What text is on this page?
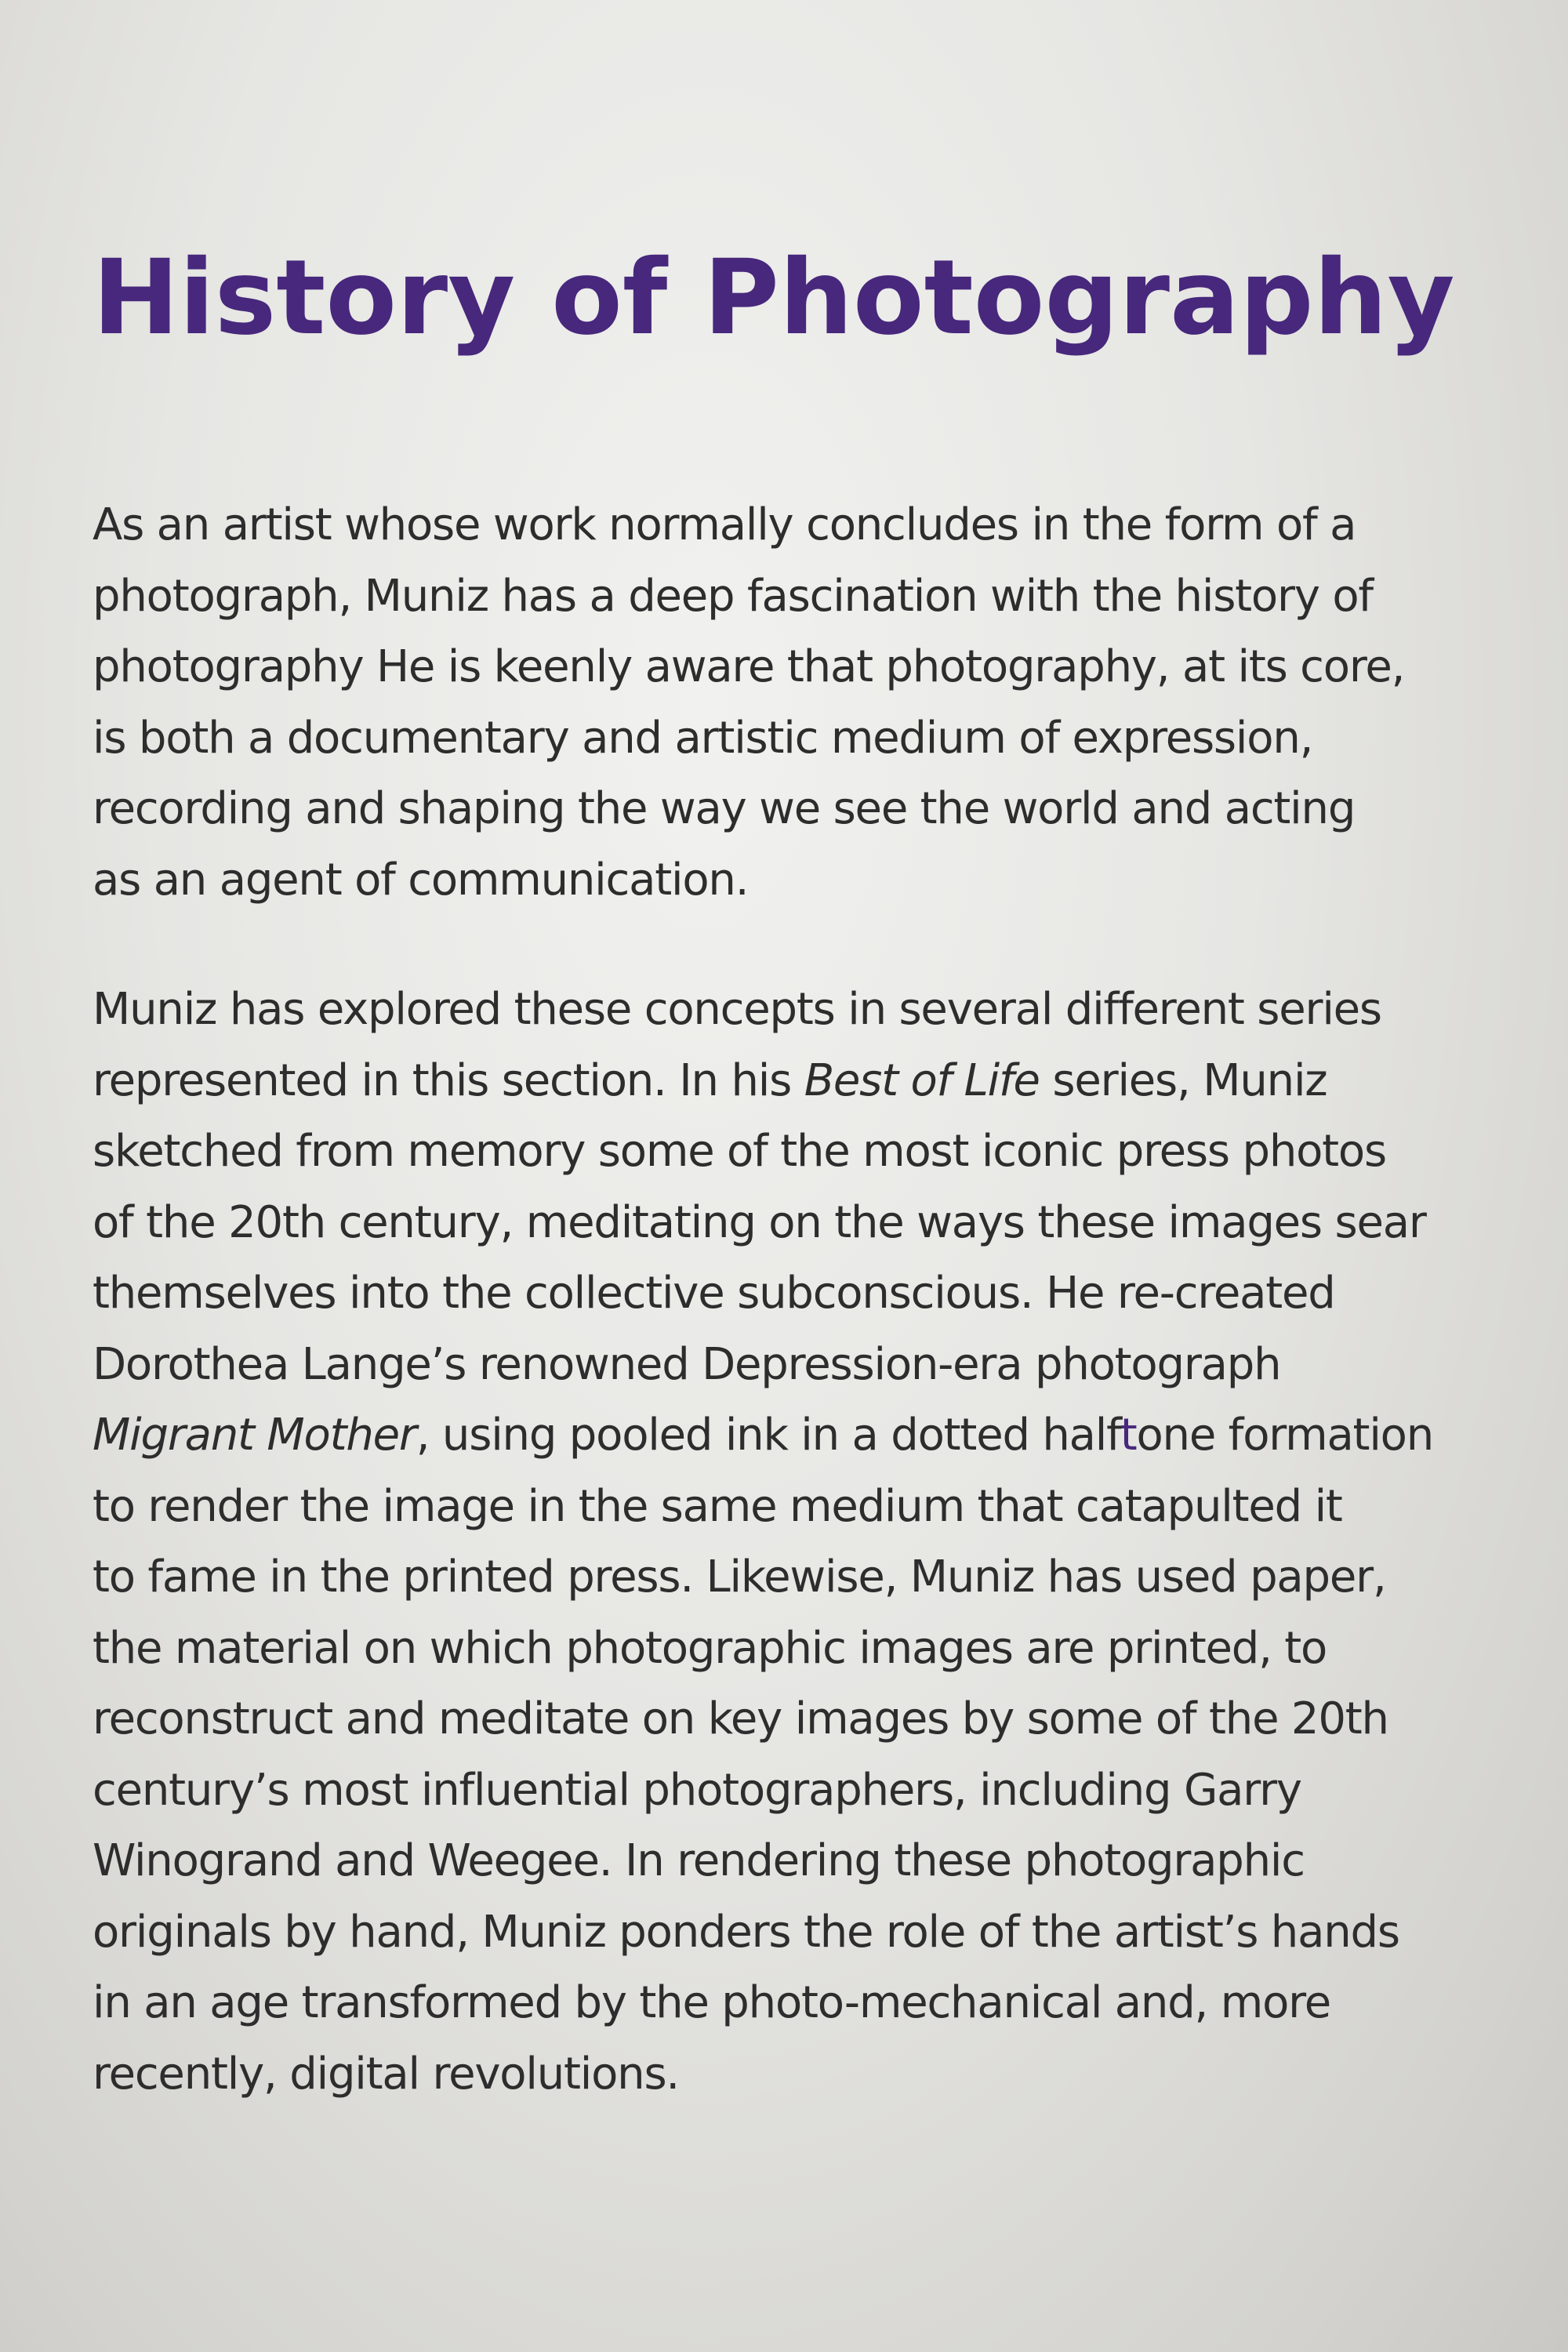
History of Photography

As an artist whose work normally concludes in the form of a
photograph, Muniz has a deep fascination with the history of
photography He is keenly aware that photography, at its core,
is both a documentary and artistic medium of expression,
recording and shaping the way we see the world and acting
as an agent of communication.

Muniz has explored these concepts in several different series
represented in this section. In his Best of Life series, Muniz
sketched from memory some of the most iconic press photos
of the 20th century, meditating on the ways these images sear
themselves into the collective subconscious. He re-created
Dorothea Lange’s renowned Depression-era photograph
Migrant Mother, using pooled ink in a dotted halftone formation
to render the image in the same medium that catapulted it
to fame in the printed press. Likewise, Muniz has used paper,
the material on which photographic images are printed, to
reconstruct and meditate on key images by some of the 20th
century’s most influential photographers, including Garry
Winogrand and Weegee. In rendering these photographic
originals by hand, Muniz ponders the role of the artist’s hands
in an age transformed by the photo-mechanical and, more
recently, digital revolutions.
